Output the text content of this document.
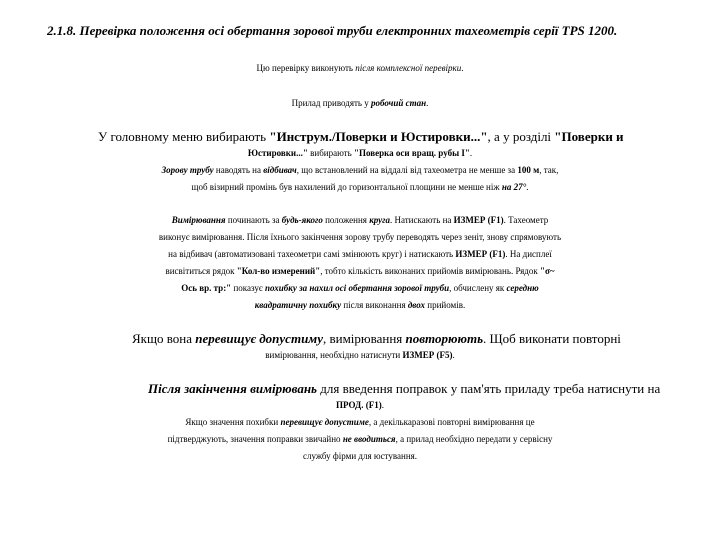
2.1.8. Перевірка положення осі обертання зорової труби електронних тахеометрів серії TPS 1200.
Цю перевірку виконують після комплексної перевірки.
Прилад приводять у робочий стан.
У головному меню вибирають "Инструм./Поверки и Юстировки...", а у розділі "Поверки и
Юстировки..." вибирають "Поверка оси вращ. рубы I".
Зорову трубу наводять на відбивач, що встановлений на віддалі від тахеометра не менше за 100 м, так,
щоб візирний промінь був нахилений до горизонтальної площини не менше ніж на 27°.
Вимірювання починають за будь-якого положення круга. Натискають на ИЗМЕР (F1). Тахеометр
виконує вимірювання. Після їхнього закінчення зорову трубу переводять через зеніт, знову спрямовують
на відбивач (автоматизовані тахеометри самі змінюють круг) і натискають ИЗМЕР (F1). На дисплеї
висвітиться рядок "Кол-во измерений", тобто кількість виконаних прийомів вимірювань. Рядок "σ~
Ось вр. тр:" показує похибку за нахил осі обертання зорової труби, обчислену як середню
квадратичну похибку після виконання двох прийомів.
Якщо вона перевищує допустиму, вимірювання повторюють. Щоб виконати повторні
вимірювання, необхідно натиснути ИЗМЕР (F5).
Після закінчення вимірювань для введення поправок у пам'ять приладу треба натиснути на
ПРОД. (F1).
Якщо значення похибки перевищує допустиме, а декількаразові повторні вимірювання це
підтверджують, значення поправки звичайно не вводиться, а прилад необхідно передати у сервісну
службу фірми для юстування.
